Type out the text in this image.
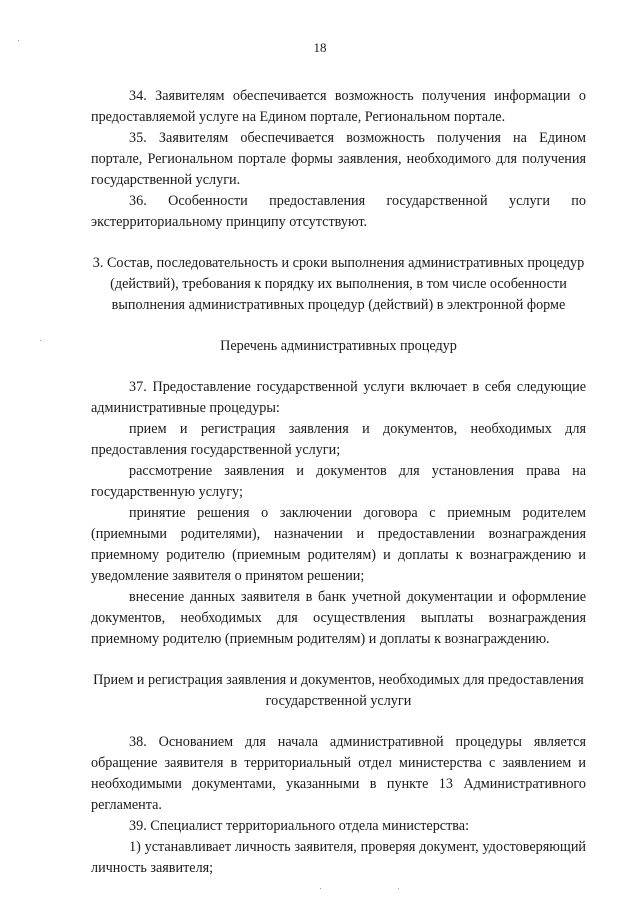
18

34. Заявителям обеспечивается возможность получения информации о предоставляемой услуге на Едином портале, Региональном портале.

35. Заявителям обеспечивается возможность получения на Едином портале, Региональном портале формы заявления, необходимого для получения государственной услуги.

36. Особенности предоставления государственной услуги по экстерриториальному принципу отсутствуют.

3. Состав, последовательность и сроки выполнения административных процедур (действий), требования к порядку их выполнения, в том числе особенности выполнения административных процедур (действий) в электронной форме

Перечень административных процедур

37. Предоставление государственной услуги включает в себя следующие административные процедуры:

прием и регистрация заявления и документов, необходимых для предоставления государственной услуги;

рассмотрение заявления и документов для установления права на государственную услугу;

принятие решения о заключении договора с приемным родителем (приемными родителями), назначении и предоставлении вознаграждения приемному родителю (приемным родителям) и доплаты к вознаграждению и уведомление заявителя о принятом решении;

внесение данных заявителя в банк учетной документации и оформление документов, необходимых для осуществления выплаты вознаграждения приемному родителю (приемным родителям) и доплаты к вознаграждению.

Прием и регистрация заявления и документов, необходимых для предоставления государственной услуги

38. Основанием для начала административной процедуры является обращение заявителя в территориальный отдел министерства с заявлением и необходимыми документами, указанными в пункте 13 Административного регламента.

39. Специалист территориального отдела министерства:

1) устанавливает личность заявителя, проверяя документ, удостоверяющий личность заявителя;
